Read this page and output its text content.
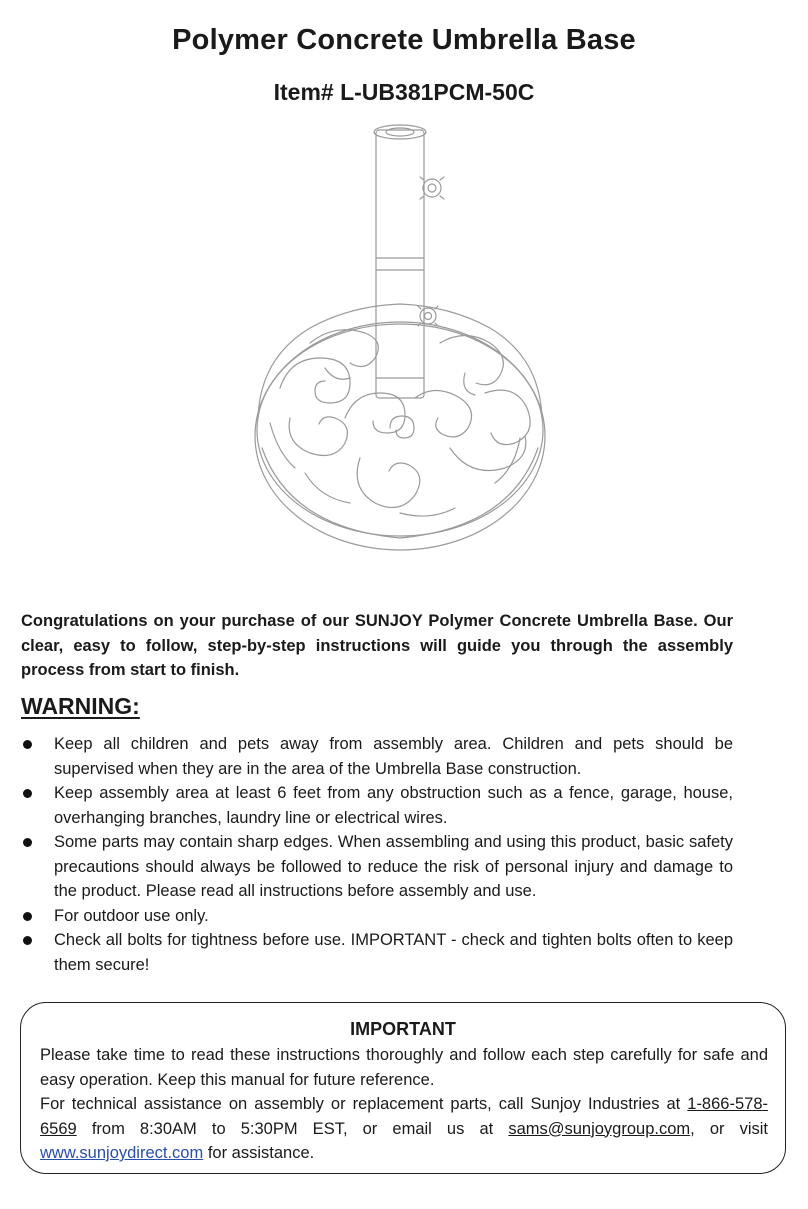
Polymer Concrete Umbrella Base
Item# L-UB381PCM-50C
Congratulations on your purchase of our SUNJOY Polymer Concrete Umbrella Base. Our clear, easy to follow, step-by-step instructions will guide you through the assembly process from start to finish.
WARNING:
Keep all children and pets away from assembly area. Children and pets should be supervised when they are in the area of the Umbrella Base construction.
Keep assembly area at least 6 feet from any obstruction such as a fence, garage, house, overhanging branches, laundry line or electrical wires.
Some parts may contain sharp edges. When assembling and using this product, basic safety precautions should always be followed to reduce the risk of personal injury and damage to the product. Please read all instructions before assembly and use.
For outdoor use only.
Check all bolts for tightness before use. IMPORTANT - check and tighten bolts often to keep them secure!
IMPORTANT

Please take time to read these instructions thoroughly and follow each step carefully for safe and easy operation. Keep this manual for future reference.

For technical assistance on assembly or replacement parts, call Sunjoy Industries at 1-866-578-6569 from 8:30AM to 5:30PM EST, or email us at sams@sunjoygroup.com, or visit www.sunjoydirect.com for assistance.
